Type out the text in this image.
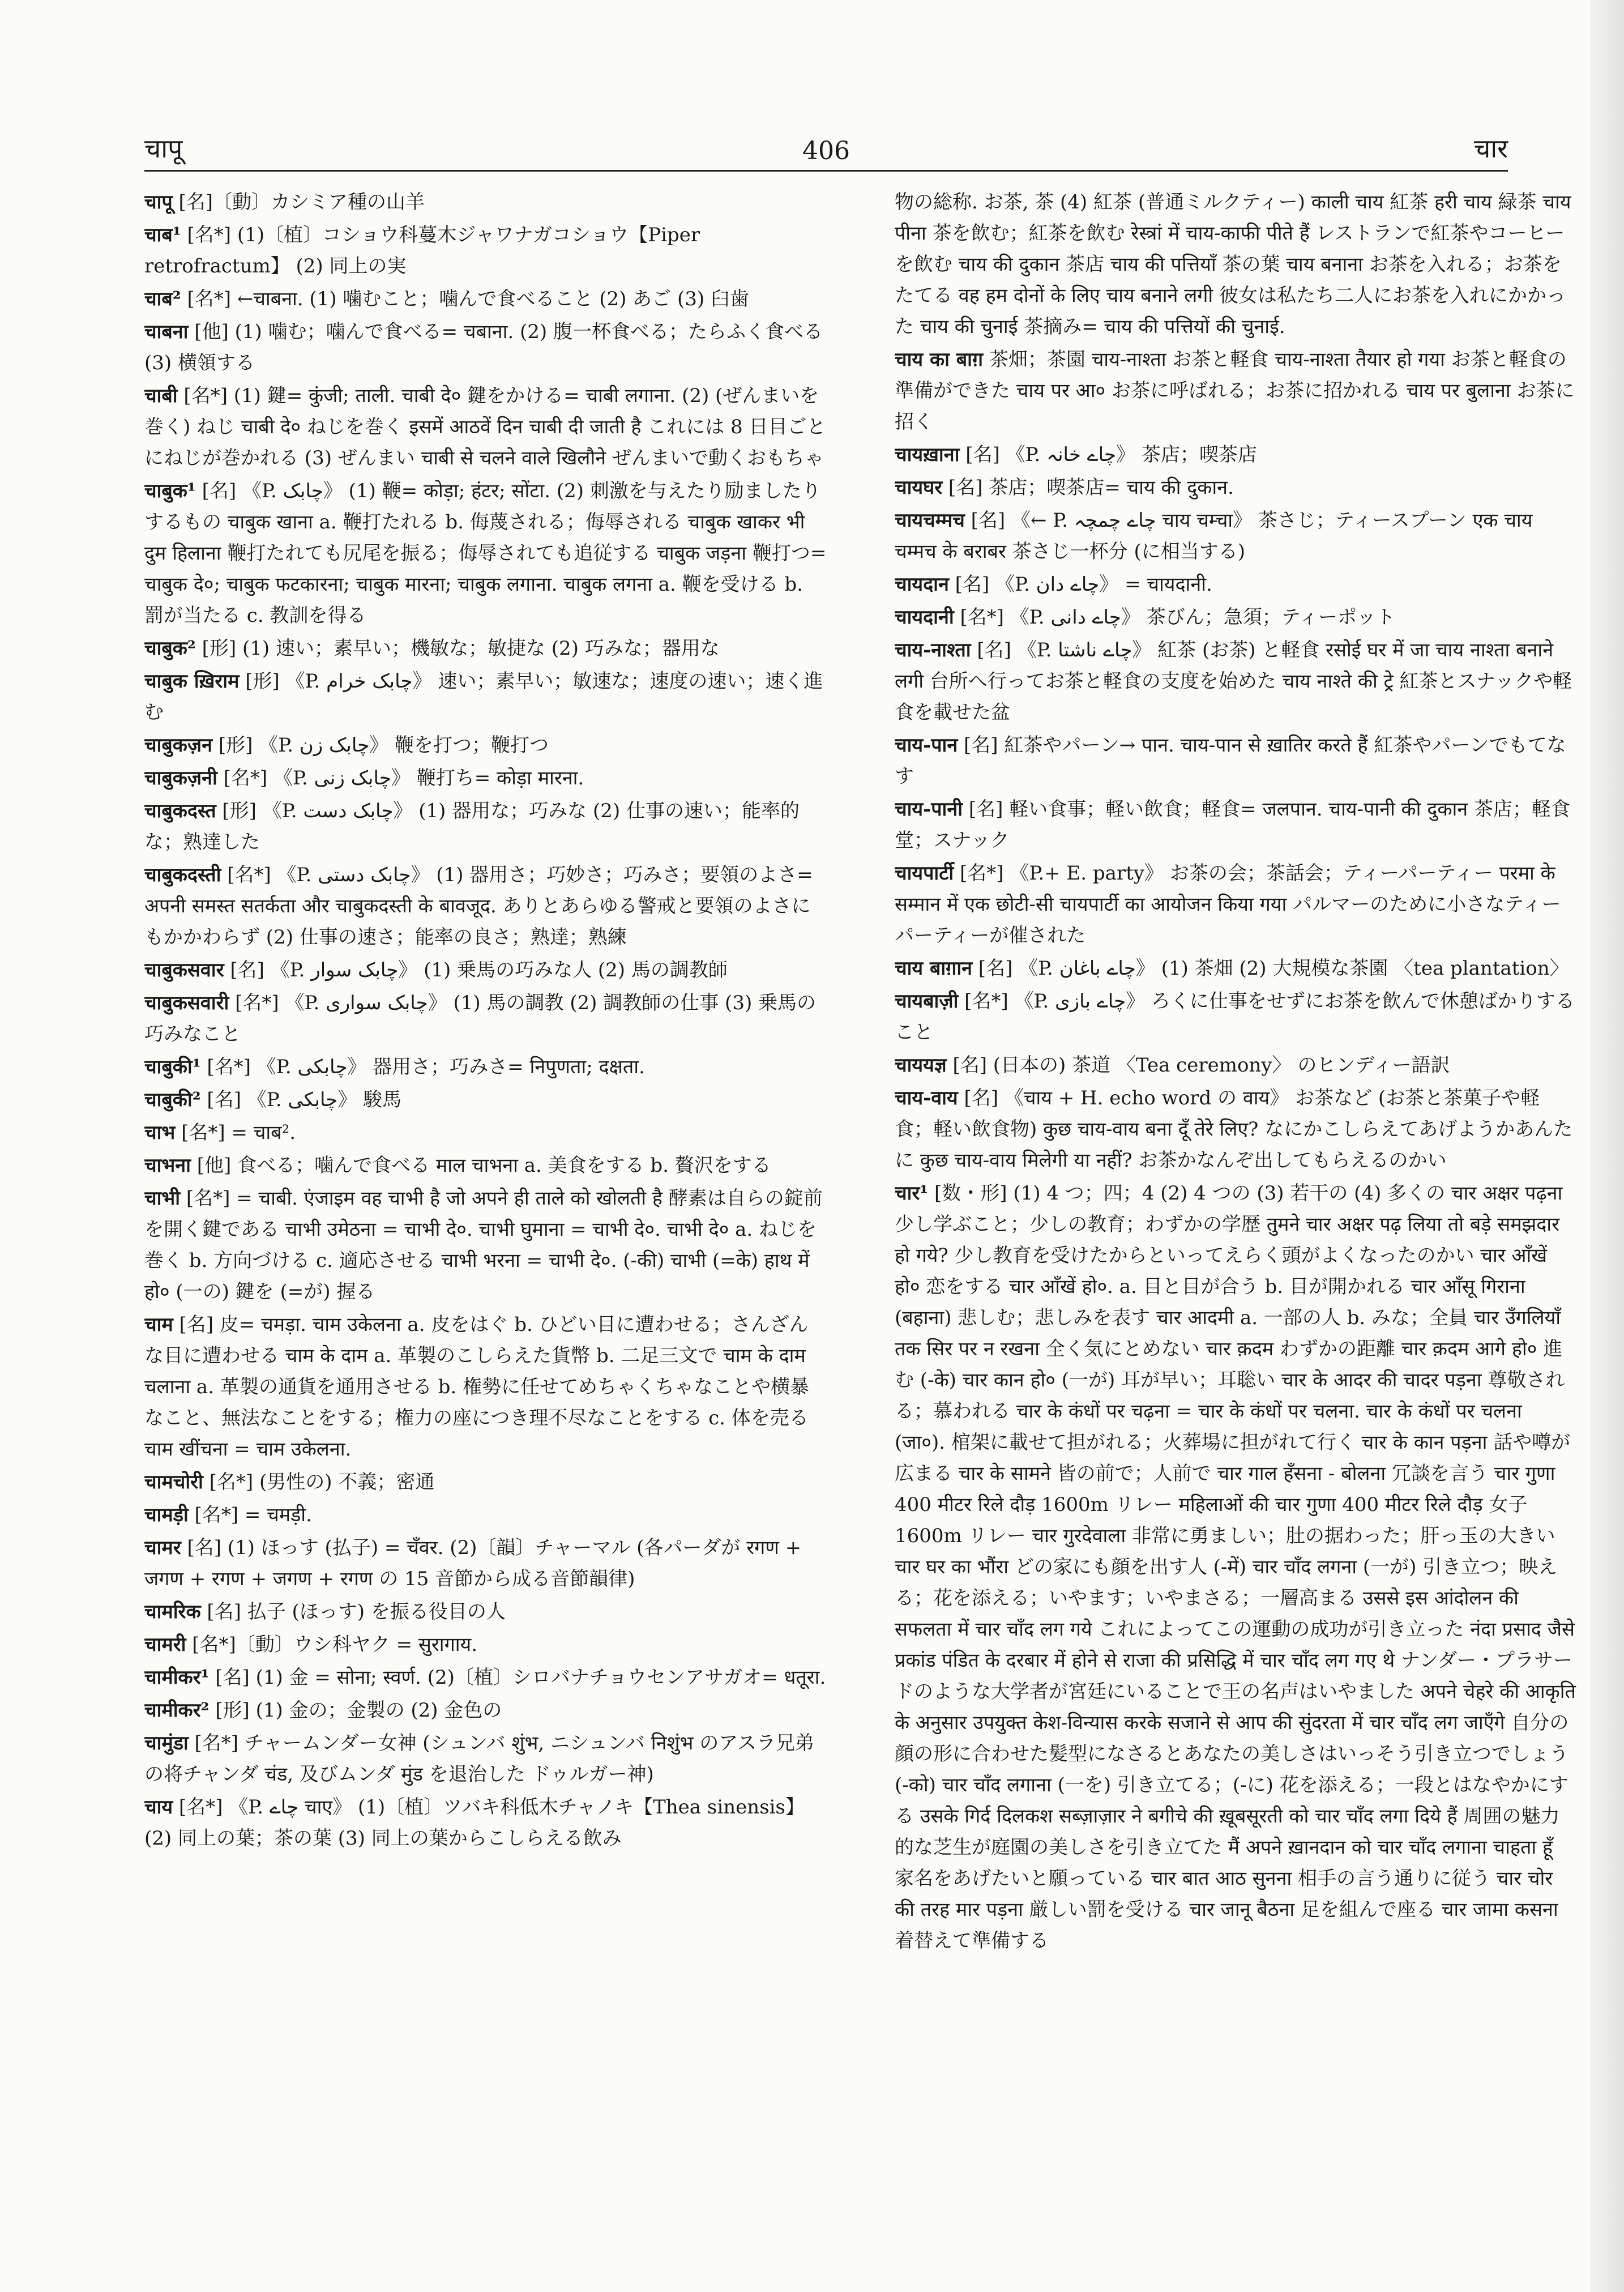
चापू	406	चार

चापू [名]〔動〕カシミア種の山羊

चाब¹ [名*] (1)〔植〕コショウ科蔓木ジャワナガコショウ【Piper retrofractum】 (2) 同上の実

चाब² [名*] ←चाबना. (1) 噛むこと；噛んで食べること (2) あご (3) 臼歯

चाबना [他] (1) 噛む；噛んで食べる= चबाना. (2) 腹一杯食べる；たらふく食べる (3) 横領する

चाबी [名*] (1) 鍵= कुंजी; ताली. चाबी दे० 鍵をかける= चाबी लगाना. (2) (ぜんまいを巻く) ねじ चाबी दे० ねじを巻く इसमें आठवें दिन चाबी दी जाती है これには 8 日目ごとにねじが巻かれる (3) ぜんまい चाबी से चलने वाले खिलौने ぜんまいで動くおもちゃ

चाबुक¹ [名] 《P. چابک》 (1) 鞭= कोड़ा; हंटर; सोंटा. (2) 刺激を与えたり励ましたりするもの चाबुक खाना a. 鞭打たれる b. 侮蔑される；侮辱される चाबुक खाकर भी दुम हिलाना 鞭打たれても尻尾を振る；侮辱されても追従する चाबुक जड़ना 鞭打つ= चाबुक दे०; चाबुक फटकारना; चाबुक मारना; चाबुक लगाना. चाबुक लगना a. 鞭を受ける b. 罰が当たる c. 教訓を得る

चाबुक² [形] (1) 速い；素早い；機敏な；敏捷な (2) 巧みな；器用な

चाबुक ख़िराम [形] 《P. چابک خرام》 速い；素早い；敏速な；速度の速い；速く進む

चाबुकज़न [形] 《P. چابک زن》 鞭を打つ；鞭打つ

चाबुकज़नी [名*] 《P. چابک زنی》 鞭打ち= कोड़ा मारना.

चाबुकदस्त [形] 《P. چابک دست》 (1) 器用な；巧みな (2) 仕事の速い；能率的な；熟達した

चाबुकदस्ती [名*] 《P. چابک دستی》 (1) 器用さ；巧妙さ；巧みさ；要領のよさ= अपनी समस्त सतर्कता और चाबुकदस्ती के बावजूद. ありとあらゆる警戒と要領のよさにもかかわらず (2) 仕事の速さ；能率の良さ；熟達；熟練

चाबुकसवार [名] 《P. چابک سوار》 (1) 乗馬の巧みな人 (2) 馬の調教師

चाबुकसवारी [名*] 《P. چابک سواری》 (1) 馬の調教 (2) 調教師の仕事 (3) 乗馬の巧みなこと

चाबुकी¹ [名*] 《P. چابکی》 器用さ；巧みさ= निपुणता; दक्षता.

चाबुकी² [名] 《P. چابکی》 駿馬

चाभ [名*] = चाब².

चाभना [他] 食べる；噛んで食べる माल चाभना a. 美食をする b. 贅沢をする

चाभी [名*] = चाबी. एंजाइम वह चाभी है जो अपने ही ताले को खोलती है 酵素は自らの錠前を開く鍵である चाभी उमेठना = चाभी दे०. चाभी घुमाना = चाभी दे०. चाभी दे० a. ねじを巻く b. 方向づける c. 適応させる चाभी भरना = चाभी दे०. (-की) चाभी (=के) हाथ में हो० (一の) 鍵を (=が) 握る

चाम [名] 皮= चमड़ा. चाम उकेलना a. 皮をはぐ b. ひどい目に遭わせる；さんざんな目に遭わせる चाम के दाम a. 革製のこしらえた貨幣 b. 二足三文で चाम के दाम चलाना a. 革製の通貨を通用させる b. 権勢に任せてめちゃくちゃなことや横暴なこと、無法なことをする；権力の座につき理不尽なことをする c. 体を売る चाम खींचना = चाम उकेलना.

चामचोरी [名*] (男性の) 不義；密通

चामड़ी [名*] = चमड़ी.

चामर [名] (1) ほっす (払子) = चँवर. (2)〔韻〕チャーマル (各パーダが रगण + जगण + रगण + जगण + रगण の 15 音節から成る音節韻律)

चामरिक [名] 払子 (ほっす) を振る役目の人

चामरी [名*]〔動〕ウシ科ヤク = सुरागाय.

चामीकर¹ [名] (1) 金 = सोना; स्वर्ण. (2)〔植〕シロバナチョウセンアサガオ= धतूरा.

चामीकर² [形] (1) 金の；金製の (2) 金色の

चामुंडा [名*] チャームンダー女神 (シュンバ शुंभ, ニシュンバ निशुंभ のアスラ兄弟の将チャンダ चंड, 及びムンダ मुंड を退治した ドゥルガー神)

चाय [名*] 《P. چاے चाए》 (1)〔植〕ツバキ科低木チャノキ【Thea sinensis】 (2) 同上の葉；茶の葉 (3) 同上の葉からこしらえる飲み

物の総称. お茶, 茶 (4) 紅茶 (普通ミルクティー) काली चाय 紅茶 हरी चाय 緑茶 चाय पीना 茶を飲む；紅茶を飲む रेस्त्रां में चाय-काफी पीते हैं レストランで紅茶やコーヒーを飲む चाय की दुकान 茶店 चाय की पत्तियाँ 茶の葉 चाय बनाना お茶を入れる；お茶をたてる वह हम दोनों के लिए चाय बनाने लगी 彼女は私たち二人にお茶を入れにかかった चाय की चुनाई 茶摘み= चाय की पत्तियों की चुनाई.

चाय का बाग़ 茶畑；茶園 चाय-नाश्ता お茶と軽食 चाय-नाश्ता तैयार हो गया お茶と軽食の準備ができた चाय पर आ० お茶に呼ばれる；お茶に招かれる चाय पर बुलाना お茶に招く

चायख़ाना [名] 《P. چاے خانہ》 茶店；喫茶店

चायघर [名] 茶店；喫茶店= चाय की दुकान.

चायचम्मच [名] 《← P. چاے چمچہ चाय चम्चा》 茶さじ；ティースプーン एक चाय चम्मच के बराबर 茶さじ一杯分 (に相当する)

चायदान [名] 《P. چاے دان》 = चायदानी.

चायदानी [名*] 《P. چاے دانی》 茶びん；急須；ティーポット

चाय-नाश्ता [名] 《P. چاے ناشتا》 紅茶 (お茶) と軽食 रसोई घर में जा चाय नाश्ता बनाने लगी 台所へ行ってお茶と軽食の支度を始めた चाय नाश्ते की ट्रे 紅茶とスナックや軽食を載せた盆

चाय-पान [名] 紅茶やパーン→ पान. चाय-पान से ख़ातिर करते हैं 紅茶やパーンでもてなす

चाय-पानी [名] 軽い食事；軽い飲食；軽食= जलपान. चाय-पानी की दुकान 茶店；軽食堂；スナック

चायपार्टी [名*] 《P.+ E. party》 お茶の会；茶話会；ティーパーティー परमा के सम्मान में एक छोटी-सी चायपार्टी का आयोजन किया गया パルマーのために小さなティーパーティーが催された

चाय बाग़ान [名] 《P. چاے باغان》 (1) 茶畑 (2) 大規模な茶園 〈tea plantation〉

चायबाज़ी [名*] 《P. چاے بازی》 ろくに仕事をせずにお茶を飲んで休憩ばかりすること

चाययज्ञ [名] (日本の) 茶道 〈Tea ceremony〉 のヒンディー語訳

चाय-वाय [名] 《चाय + H. echo word の वाय》 お茶など (お茶と茶菓子や軽食；軽い飲食物) कुछ चाय-वाय बना दूँ तेरे लिए? なにかこしらえてあげようかあんたに कुछ चाय-वाय मिलेगी या नहीं? お茶かなんぞ出してもらえるのかい

चार¹ [数・形] (1) 4 つ；四；4 (2) 4 つの (3) 若干の (4) 多くの चार अक्षर पढ़ना 少し学ぶこと；少しの教育；わずかの学歴 तुमने चार अक्षर पढ़ लिया तो बड़े समझदार हो गये? 少し教育を受けたからといってえらく頭がよくなったのかい चार आँखें हो० 恋をする चार आँखें हो०. a. 目と目が合う b. 目が開かれる चार आँसू गिराना (बहाना) 悲しむ；悲しみを表す चार आदमी a. 一部の人 b. みな；全員 चार उँगलियाँ तक सिर पर न रखना 全く気にとめない चार क़दम わずかの距離 चार क़दम आगे हो० 進む (-के) चार कान हो० (一が) 耳が早い；耳聡い चार के आदर की चादर पड़ना 尊敬される；慕われる चार के कंधों पर चढ़ना = चार के कंधों पर चलना. चार के कंधों पर चलना (जा०). 棺架に載せて担がれる；火葬場に担がれて行く चार के कान पड़ना 話や噂が広まる चार के सामने 皆の前で；人前で चार गाल हँसना - बोलना 冗談を言う चार गुणा 400 मीटर रिले दौड़ 1600m リレー महिलाओं की चार गुणा 400 मीटर रिले दौड़ 女子 1600m リレー चार गुरदेवाला 非常に勇ましい；肚の据わった；肝っ玉の大きい चार घर का भौंरा どの家にも顔を出す人 (-में) चार चाँद लगना (一が) 引き立つ；映える；花を添える；いやます；いやまさる；一層高まる उससे इस आंदोलन की सफलता में चार चाँद लग गये これによってこの運動の成功が引き立った नंदा प्रसाद जैसे प्रकांड पंडित के दरबार में होने से राजा की प्रसिद्धि में चार चाँद लग गए थे ナンダー・プラサードのような大学者が宮廷にいることで王の名声はいやました अपने चेहरे की आकृति के अनुसार उपयुक्त केश-विन्यास करके सजाने से आप की सुंदरता में चार चाँद लग जाएँगे 自分の顔の形に合わせた髪型になさるとあなたの美しさはいっそう引き立つでしょう (-को) चार चाँद लगाना (一を) 引き立てる；(-に) 花を添える；一段とはなやかにする उसके गिर्द दिलकश सब्ज़ाज़ार ने बगीचे की ख़ूबसूरती को चार चाँद लगा दिये हैं 周囲の魅力的な芝生が庭園の美しさを引き立てた मैं अपने ख़ानदान को चार चाँद लगाना चाहता हूँ 家名をあげたいと願っている चार बात आठ सुनना 相手の言う通りに従う चार चोर की तरह मार पड़ना 厳しい罰を受ける चार जानू बैठना 足を組んで座る चार जामा कसना 着替えて準備する
